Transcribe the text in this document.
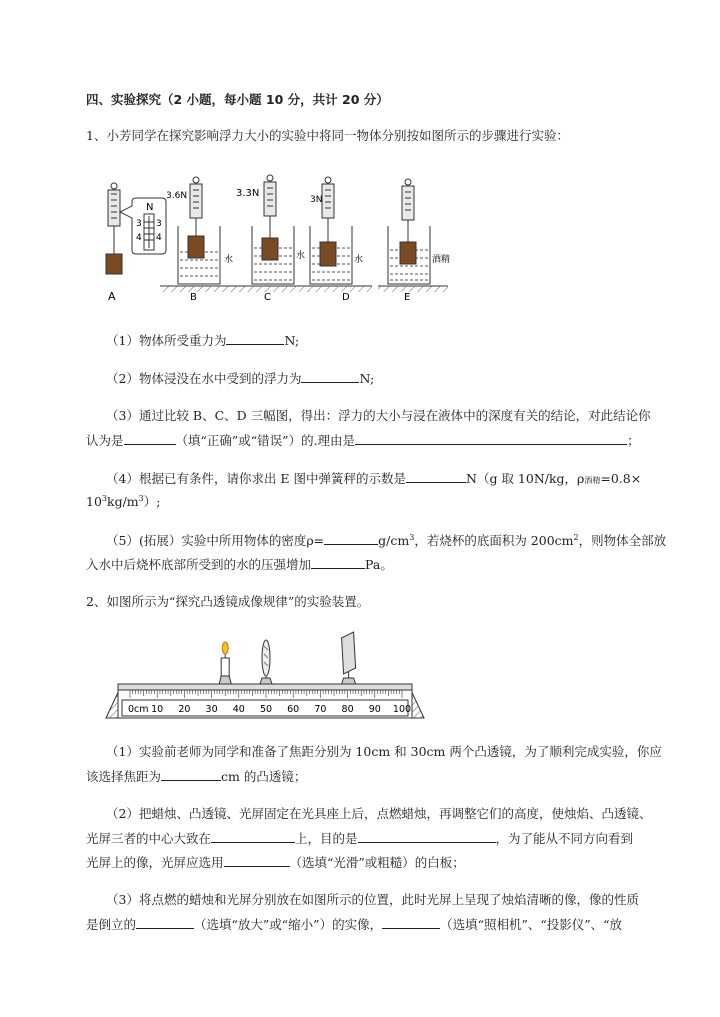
四、实验探究（2 小题，每小题 10 分，共计 20 分）
1、小芳同学在探究影响浮力大小的实验中将同一物体分别按如图所示的步骤进行实验：
N
3
4
3
4
A
3.6N
水
B
3.3N
水
C
3N
水
D
酒精
E
（1）物体所受重力为	N;
（2）物体浸没在水中受到的浮力为	N;
（3）通过比较 B、C、D 三幅图，得出：浮力的大小与浸在液体中的深度有关的结论，对此结论你
认为是	（填“正确”或“错误”）的.理由是	；
（4）根据已有条件，请你求出 E 图中弹簧秤的示数是	N（g 取 10N/kg，ρ酒精=0.8×
$10^3kg/m^3$）;
（5）(拓展）实验中所用物体的密度ρ=	$g/cm^3$，若烧杯的底面积为 $200cm^2$，则物体全部放
入水中后烧杯底部所受到的水的压强增加	Pa。
2、如图所示为“探究凸透镜成像规律”的实验装置。
0cm 10 20 30 40 50 60 70 80 90 100
（1）实验前老师为同学和准备了焦距分别为 10cm 和 30cm 两个凸透镜，为了顺利完成实验，你应
该选择焦距为	cm 的凸透镜；
（2）把蜡烛、凸透镜、光屏固定在光具座上后，点燃蜡烛，再调整它们的高度，使烛焰、凸透镜、
光屏三者的中心大致在	上，目的是	，为了能从不同方向看到
光屏上的像，光屏应选用	（选填“光滑”或粗糙）的白板；
（3）将点燃的蜡烛和光屏分别放在如图所示的位置，此时光屏上呈现了烛焰清晰的像，像的性质
是倒立的	（选填“放大”或“缩小”）的实像，	（选填“照相机”、“投影仪”、“放
